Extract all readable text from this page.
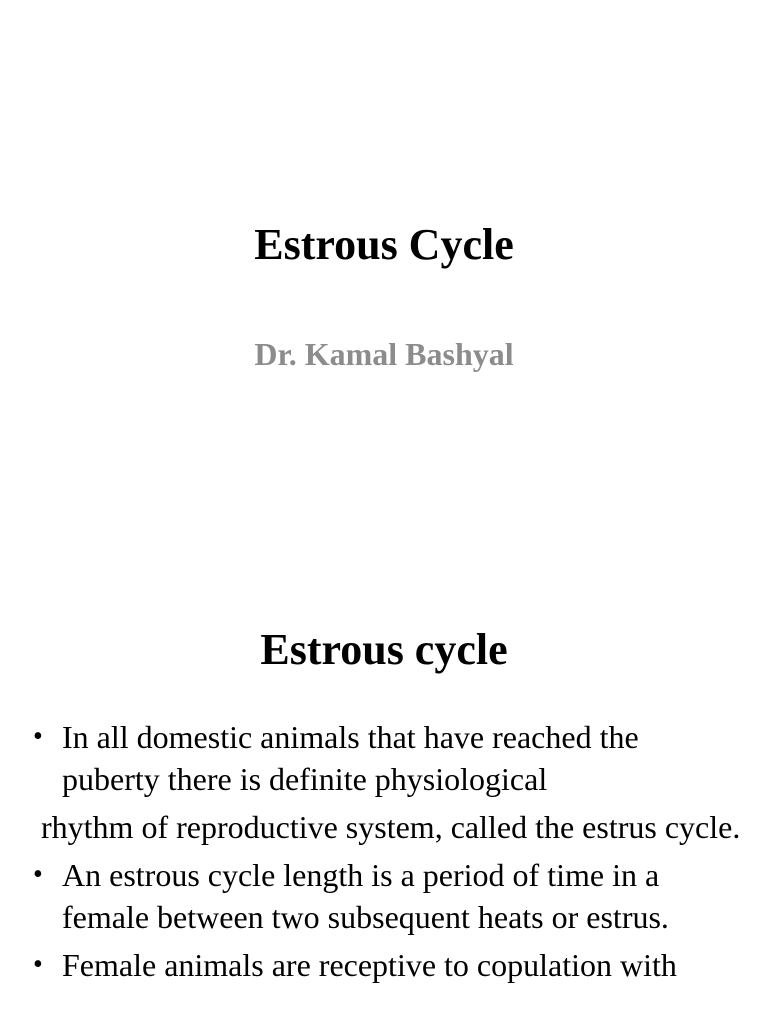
Estrous Cycle

Dr. Kamal Bashyal

Estrous cycle
• In all domestic animals that have reached the puberty there is definite physiological
rhythm of reproductive system, called the estrus cycle.
• An estrous cycle length is a period of time in a female between two subsequent heats or estrus.
• Female animals are receptive to copulation with
